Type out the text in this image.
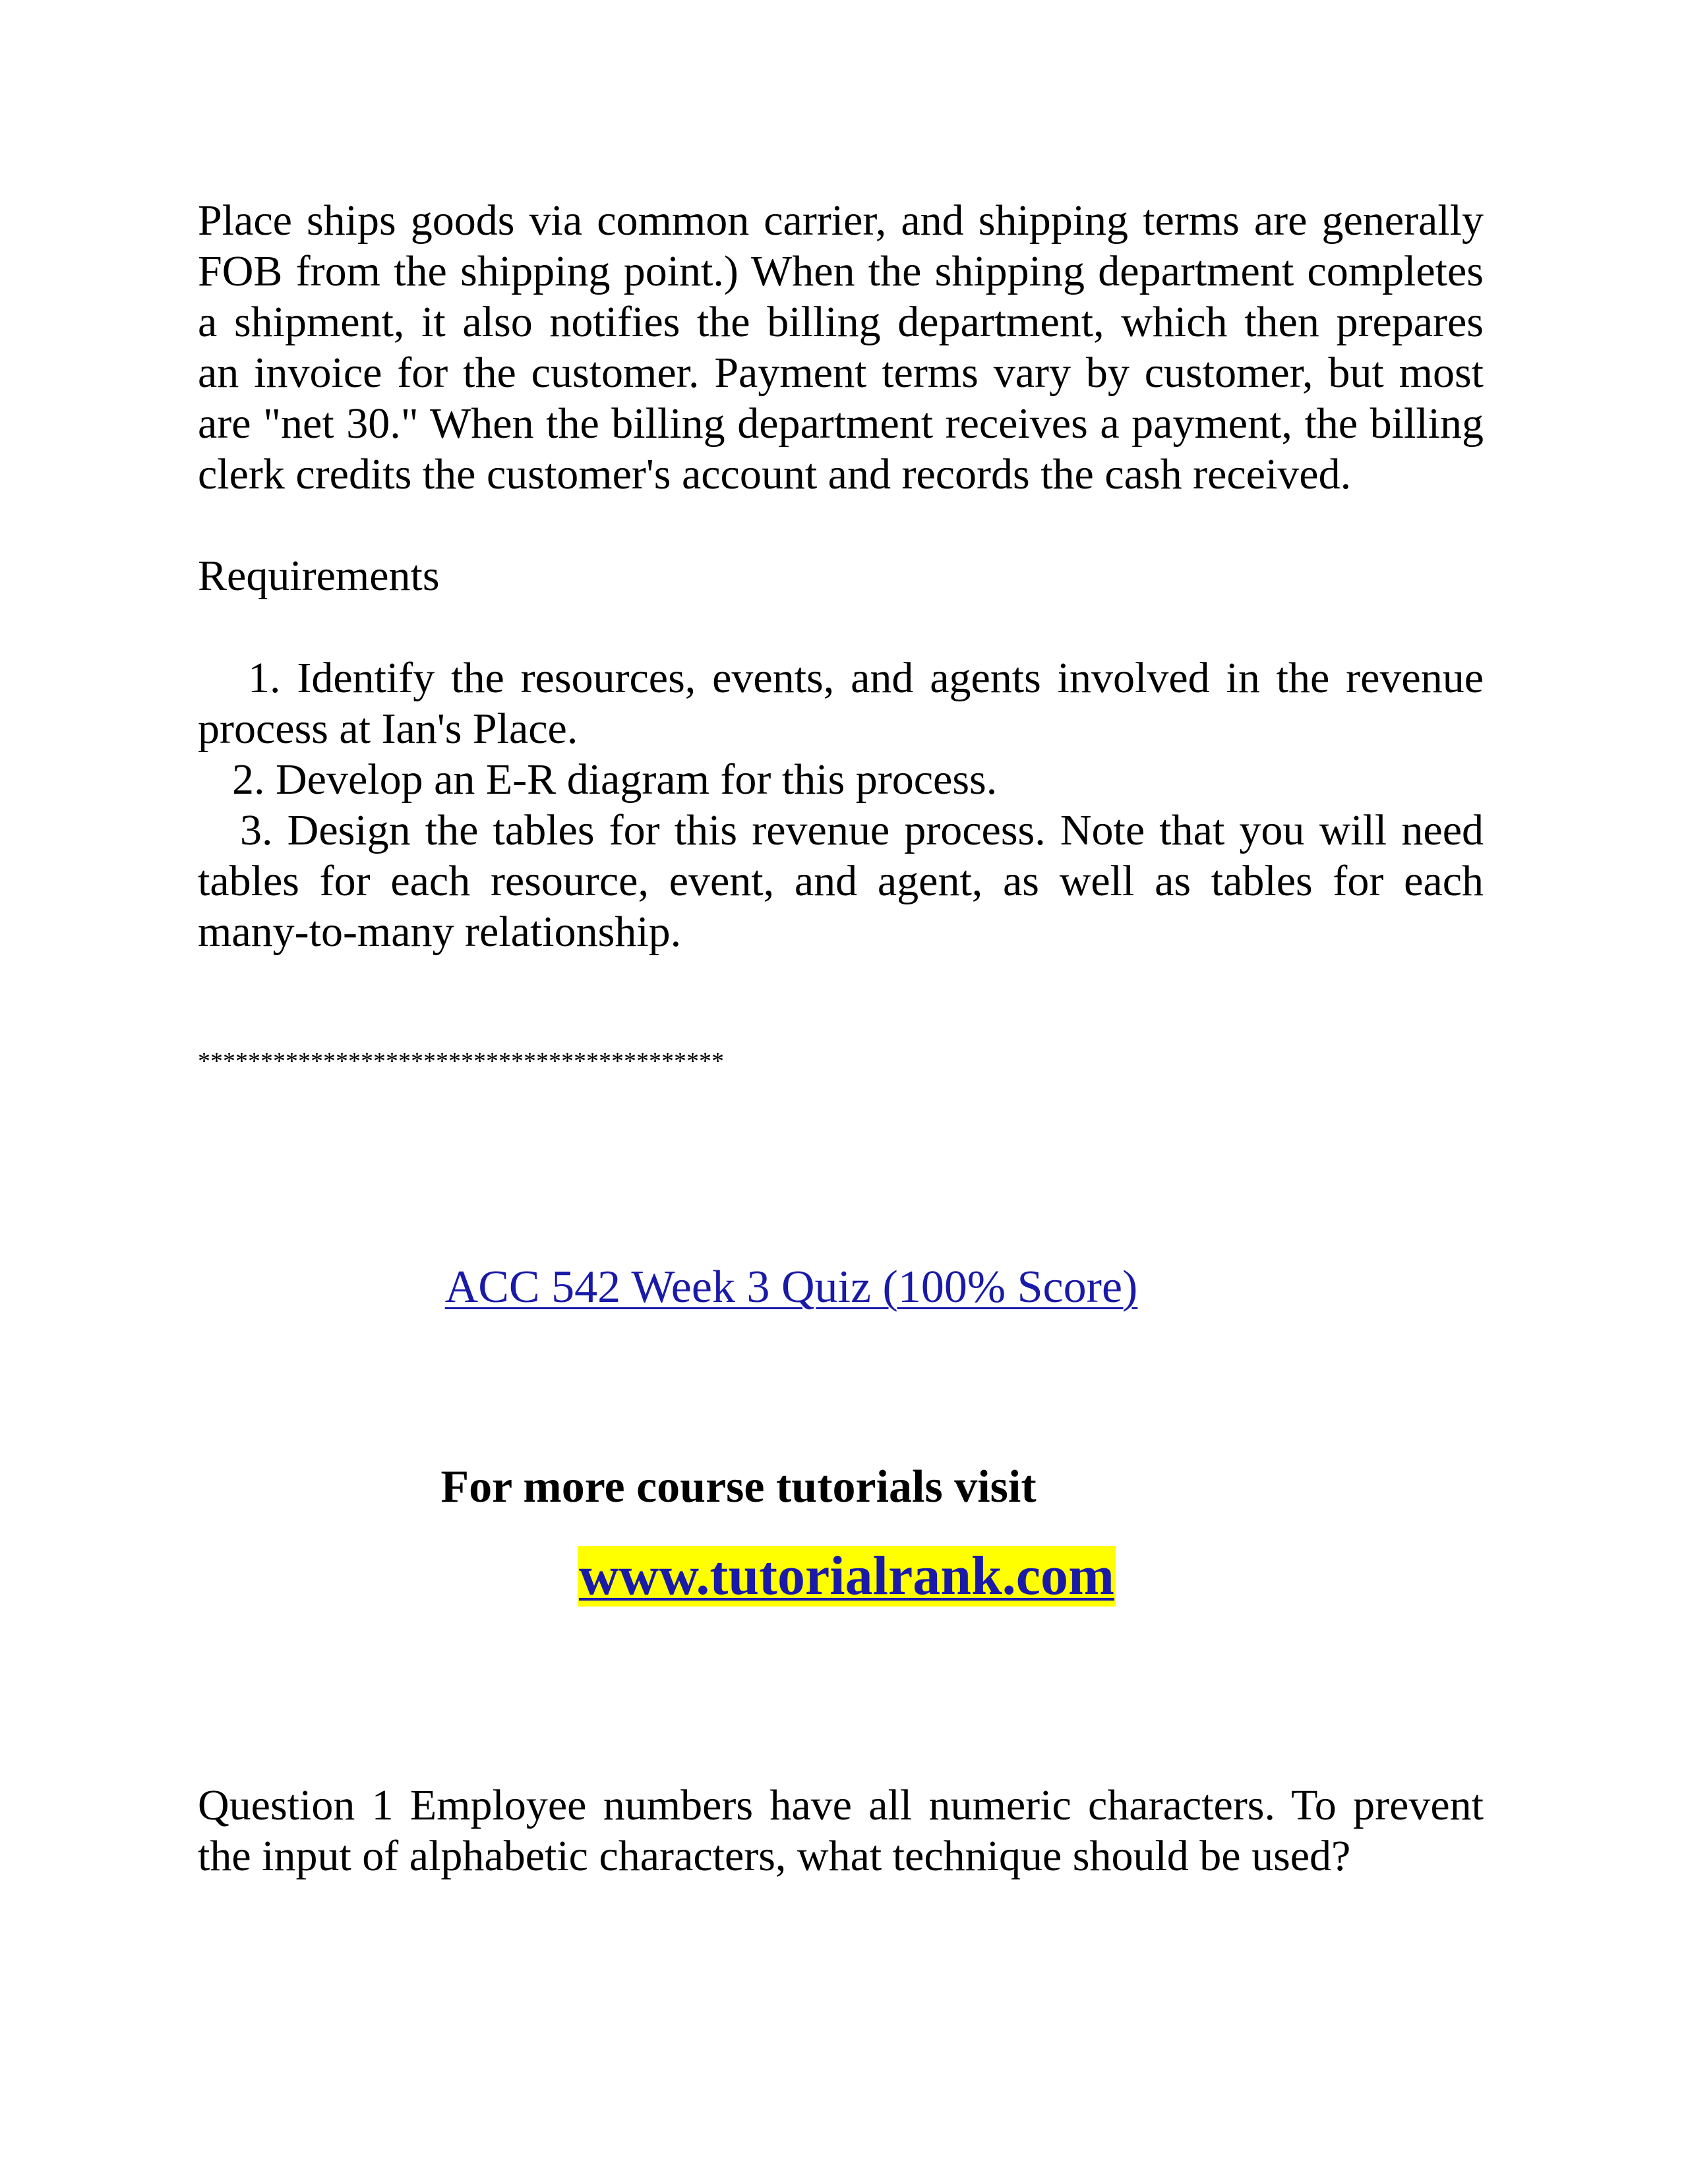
Place ships goods via common carrier, and shipping terms are generally
FOB from the shipping point.) When the shipping department completes
a shipment, it also notifies the billing department, which then prepares
an invoice for the customer. Payment terms vary by customer, but most
are "net 30." When the billing department receives a payment, the billing
clerk credits the customer's account and records the cash received.
Requirements
1. Identify the resources, events, and agents involved in the revenue
process at Ian's Place.
2. Develop an E-R diagram for this process.
3. Design the tables for this revenue process. Note that you will need
tables for each resource, event, and agent, as well as tables for each
many-to-many relationship.
******************************************
ACC 542 Week 3 Quiz (100% Score)
For more course tutorials visit
www.tutorialrank.com
Question 1 Employee numbers have all numeric characters. To prevent
the input of alphabetic characters, what technique should be used?
